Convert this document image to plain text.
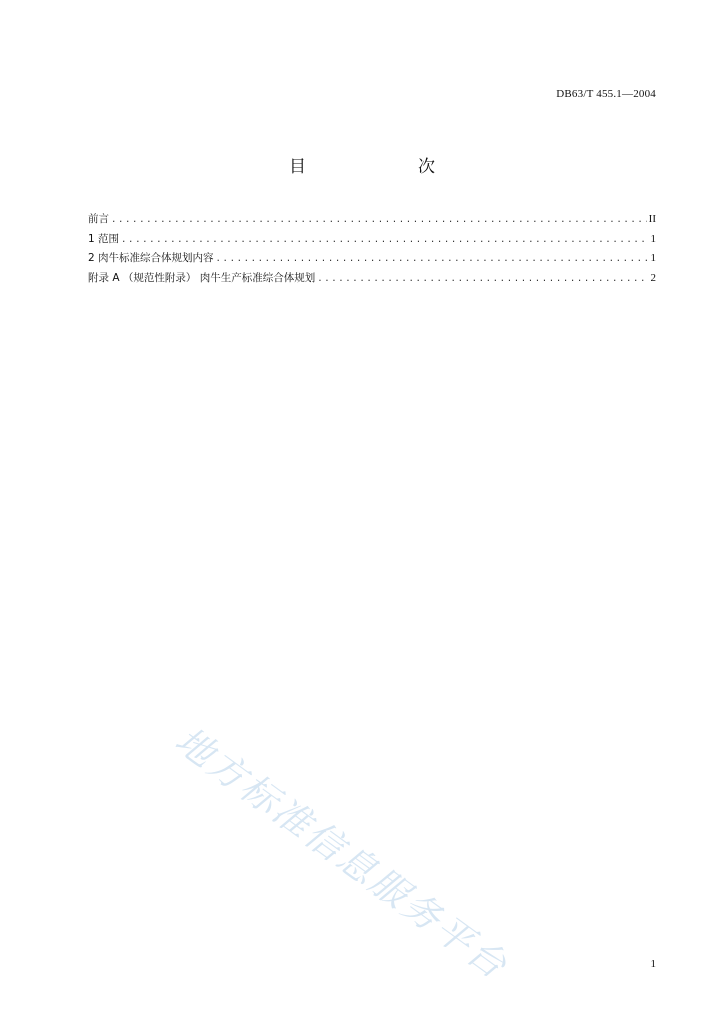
DB63/T 455.1—2004
目　　次
前言 .....	II
1 范围 .....	1
2 肉牛标准综合体规划内容 .....	1
附录 A （规范性附录） 肉牛生产标准综合体规划 .....	2
地方标准信息服务平台	1
